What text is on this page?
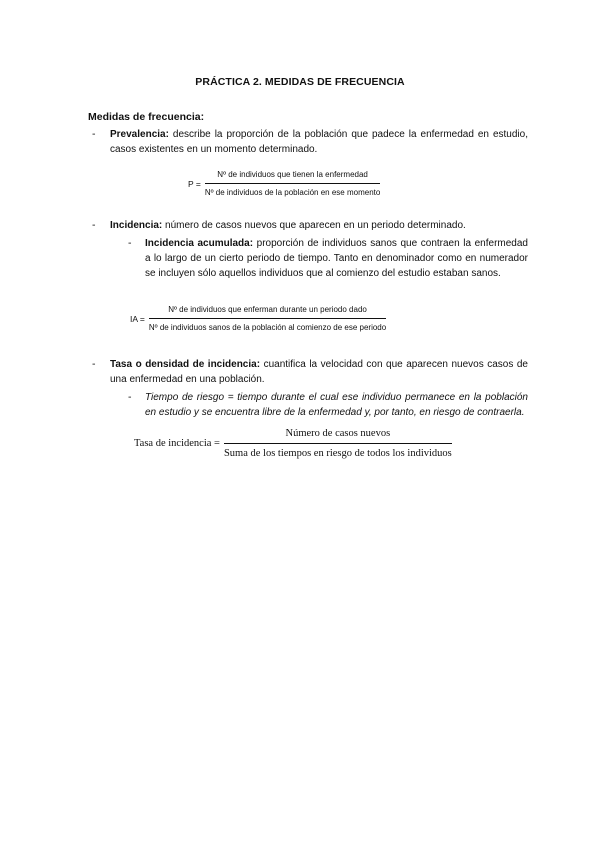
PRÁCTICA 2. MEDIDAS DE FRECUENCIA
Medidas de frecuencia:
- Prevalencia: describe la proporción de la población que padece la enfermedad en estudio, casos existentes en un momento determinado.
P =
Nº de individuos que tienen la enfermedad
Nº de individuos de la población en ese momento
- Incidencia: número de casos nuevos que aparecen en un periodo determinado.
- Incidencia acumulada: proporción de individuos sanos que contraen la enfermedad a lo largo de un cierto periodo de tiempo. Tanto en denominador como en numerador se incluyen sólo aquellos individuos que al comienzo del estudio estaban sanos.
IA =
Nº de individuos que enferman durante un periodo dado
Nº de individuos sanos de la población al comienzo de ese periodo
- Tasa o densidad de incidencia: cuantifica la velocidad con que aparecen nuevos casos de una enfermedad en una población.
- Tiempo de riesgo = tiempo durante el cual ese individuo permanece en la población en estudio y se encuentra libre de la enfermedad y, por tanto, en riesgo de contraerla.
Tasa de incidencia =
Número de casos nuevos
Suma de los tiempos en riesgo de todos los individuos
